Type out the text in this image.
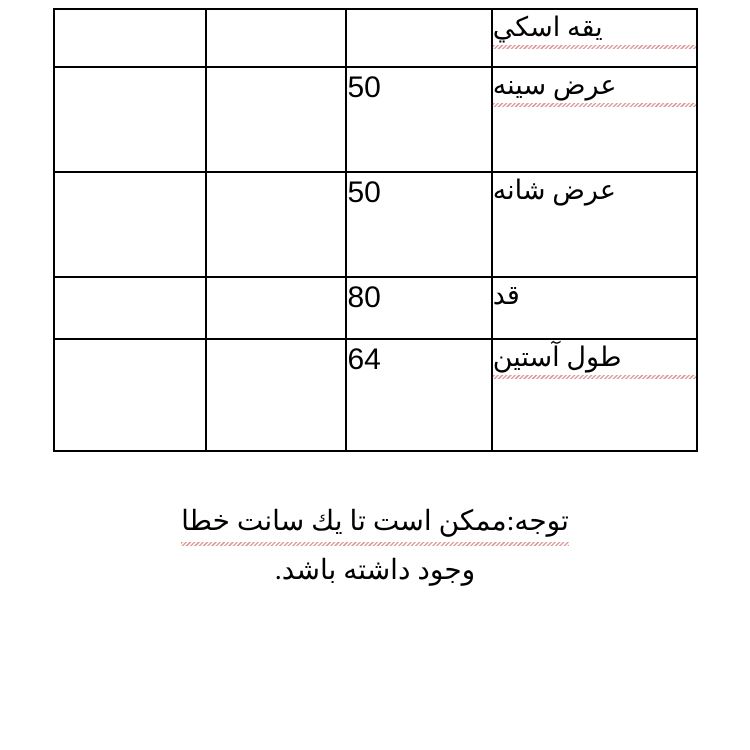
يقه اسكي			
عرض سينه	50		
عرض شانه	50		
قد	80		
طول آستين	64		
توجه:ممكن است تا يك سانت خطا
وجود داشته باشد.
